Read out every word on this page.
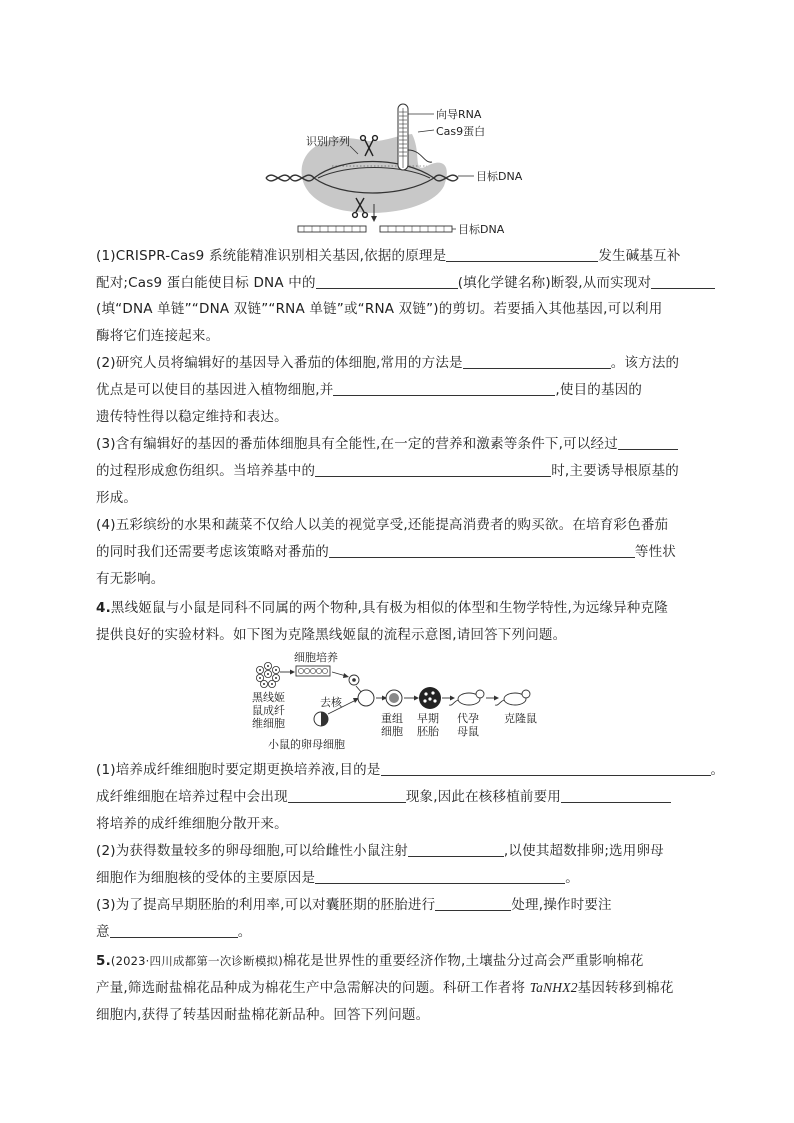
向导RNA
Cas9蛋白
识别序列
目标DNA
目标DNA
(1)CRISPR-Cas9 系统能精准识别相关基因,依据的原理是	发生碱基互补
配对;Cas9 蛋白能使目标 DNA 中的	(填化学键名称)断裂,从而实现对
(填“DNA 单链”“DNA 双链”“RNA 单链”或“RNA 双链”)的剪切。若要插入其他基因,可以利用
酶将它们连接起来。
(2)研究人员将编辑好的基因导入番茄的体细胞,常用的方法是	。该方法的
优点是可以使目的基因进入植物细胞,并	,使目的基因的
遗传特性得以稳定维持和表达。
(3)含有编辑好的基因的番茄体细胞具有全能性,在一定的营养和激素等条件下,可以经过
的过程形成愈伤组织。当培养基中的	时,主要诱导根原基的
形成。
(4)五彩缤纷的水果和蔬菜不仅给人以美的视觉享受,还能提高消费者的购买欲。在培育彩色番茄
的同时我们还需要考虑该策略对番茄的	等性状
有无影响。
4.黑线姬鼠与小鼠是同科不同属的两个物种,具有极为相似的体型和生物学特性,为远缘异种克隆
提供良好的实验材料。如下图为克隆黑线姬鼠的流程示意图,请回答下列问题。
细胞培养
黑线姬
鼠成纤
维细胞
去核
小鼠的卵母细胞
重组
细胞
早期
胚胎
代孕
母鼠
克隆鼠
(1)培养成纤维细胞时要定期更换培养液,目的是	。
成纤维细胞在培养过程中会出现	现象,因此在核移植前要用
将培养的成纤维细胞分散开来。
(2)为获得数量较多的卵母细胞,可以给雌性小鼠注射	,以使其超数排卵;选用卵母
细胞作为细胞核的受体的主要原因是	。
(3)为了提高早期胚胎的利用率,可以对囊胚期的胚胎进行	处理,操作时要注
意	。
5.(2023·四川成都第一次诊断模拟)棉花是世界性的重要经济作物,土壤盐分过高会严重影响棉花
产量,筛选耐盐棉花品种成为棉花生产中急需解决的问题。科研工作者将 TaNHX2基因转移到棉花
细胞内,获得了转基因耐盐棉花新品种。回答下列问题。
